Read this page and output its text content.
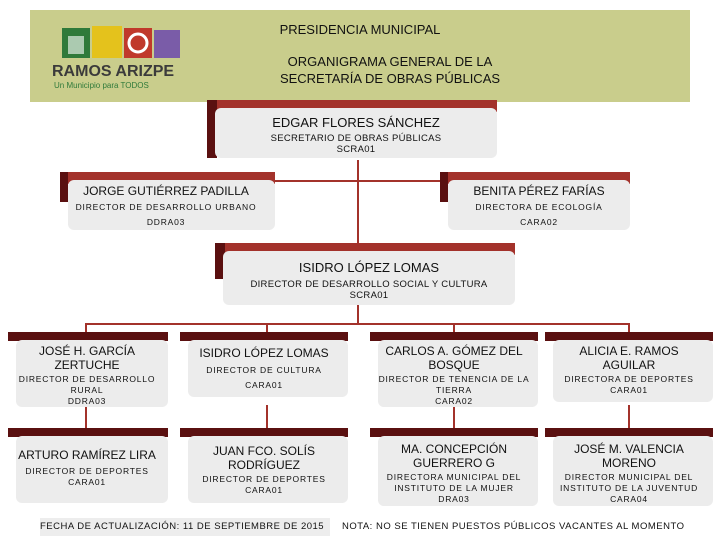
RAMOS ARIZPE
Un Municipio para TODOS
PRESIDENCIA MUNICIPAL
ORGANIGRAMA GENERAL DE LA
SECRETARÍA DE OBRAS PÚBLICAS
EDGAR FLORES SÁNCHEZ
SECRETARIO DE OBRAS PÚBLICAS
SCRA01
JORGE GUTIÉRREZ PADILLA
DIRECTOR DE DESARROLLO URBANO
DDRA03
BENITA PÉREZ FARÍAS
DIRECTORA DE ECOLOGÍA
CARA02
ISIDRO LÓPEZ LOMAS
DIRECTOR DE DESARROLLO SOCIAL Y CULTURA
SCRA01
JOSÉ H. GARCÍA
ZERTUCHE
DIRECTOR DE DESARROLLO
RURAL
DDRA03
ISIDRO LÓPEZ LOMAS
DIRECTOR DE CULTURA
CARA01
CARLOS A. GÓMEZ DEL
BOSQUE
DIRECTOR DE TENENCIA DE LA
TIERRA
CARA02
ALICIA E. RAMOS
AGUILAR
DIRECTORA DE DEPORTES
CARA01
ARTURO RAMÍREZ LIRA
DIRECTOR DE DEPORTES
CARA01
JUAN FCO. SOLÍS
RODRÍGUEZ
DIRECTOR DE DEPORTES
CARA01
MA. CONCEPCIÓN
GUERRERO G
DIRECTORA MUNICIPAL DEL
INSTITUTO DE LA MUJER
DRA03
JOSÉ M. VALENCIA
MORENO
DIRECTOR MUNICIPAL DEL
INSTITUTO DE LA JUVENTUD
CARA04
FECHA DE ACTUALIZACIÓN: 11 DE SEPTIEMBRE DE 2015	NOTA: NO SE TIENEN PUESTOS PÚBLICOS VACANTES AL MOMENTO
